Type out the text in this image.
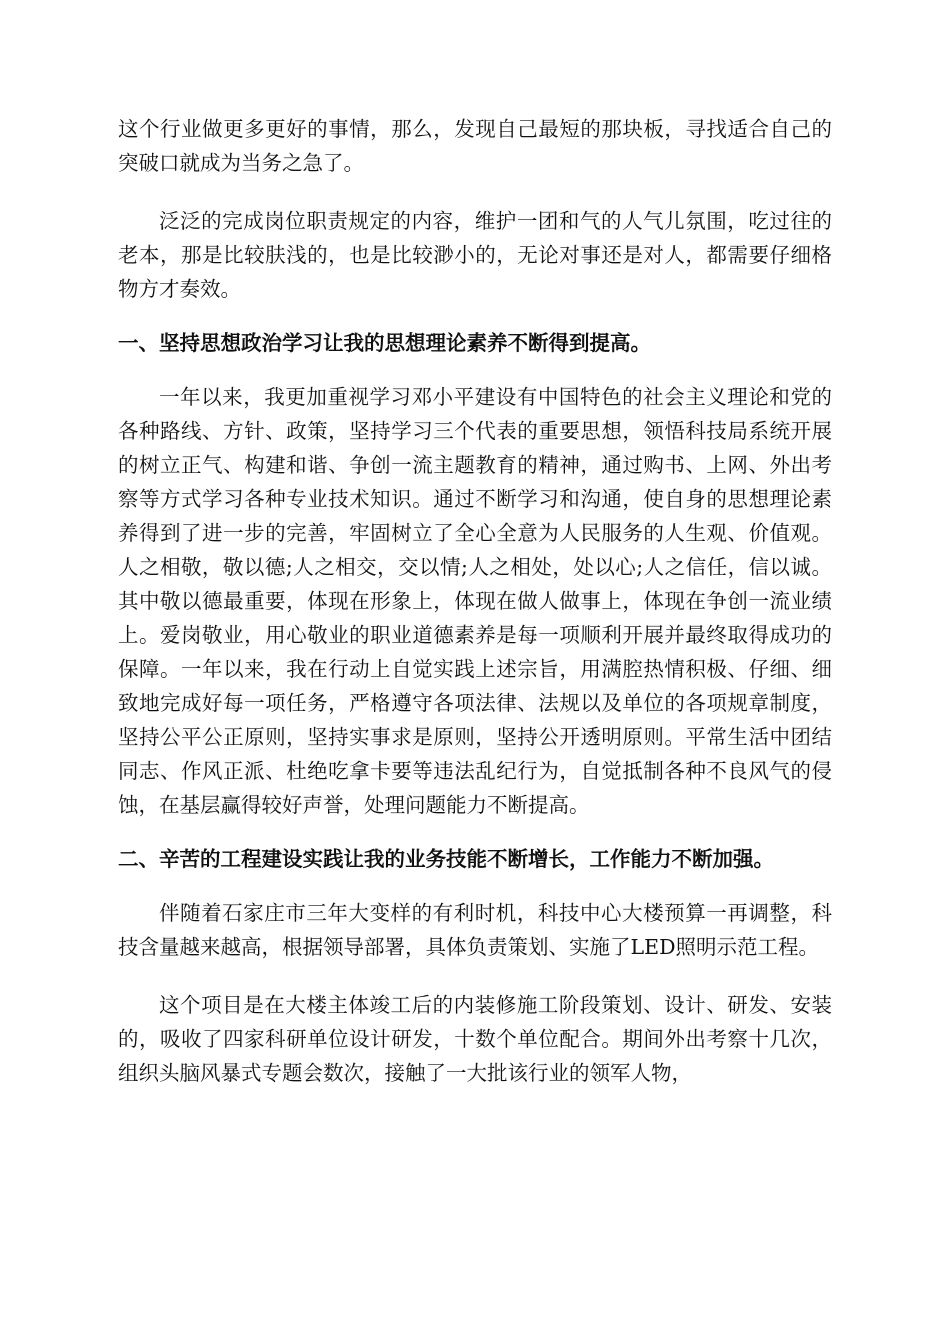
这个行业做更多更好的事情，那么，发现自己最短的那块板，寻找适合自己的突破口就成为当务之急了。

泛泛的完成岗位职责规定的内容，维护一团和气的人气儿氛围，吃过往的老本，那是比较肤浅的，也是比较渺小的，无论对事还是对人，都需要仔细格物方才奏效。

一、坚持思想政治学习让我的思想理论素养不断得到提高。

一年以来，我更加重视学习邓小平建设有中国特色的社会主义理论和党的各种路线、方针、政策，坚持学习三个代表的重要思想，领悟科技局系统开展的树立正气、构建和谐、争创一流主题教育的精神，通过购书、上网、外出考察等方式学习各种专业技术知识。通过不断学习和沟通，使自身的思想理论素养得到了进一步的完善，牢固树立了全心全意为人民服务的人生观、价值观。人之相敬，敬以德;人之相交，交以情;人之相处，处以心;人之信任，信以诚。其中敬以德最重要，体现在形象上，体现在做人做事上，体现在争创一流业绩上。爱岗敬业，用心敬业的职业道德素养是每一项顺利开展并最终取得成功的保障。一年以来，我在行动上自觉实践上述宗旨，用满腔热情积极、仔细、细致地完成好每一项任务，严格遵守各项法律、法规以及单位的各项规章制度，坚持公平公正原则，坚持实事求是原则，坚持公开透明原则。平常生活中团结同志、作风正派、杜绝吃拿卡要等违法乱纪行为，自觉抵制各种不良风气的侵蚀，在基层赢得较好声誉，处理问题能力不断提高。

二、辛苦的工程建设实践让我的业务技能不断增长，工作能力不断加强。

伴随着石家庄市三年大变样的有利时机，科技中心大楼预算一再调整，科技含量越来越高，根据领导部署，具体负责策划、实施了LED照明示范工程。

这个项目是在大楼主体竣工后的内装修施工阶段策划、设计、研发、安装的，吸收了四家科研单位设计研发，十数个单位配合。期间外出考察十几次，组织头脑风暴式专题会数次，接触了一大批该行业的领军人物，
